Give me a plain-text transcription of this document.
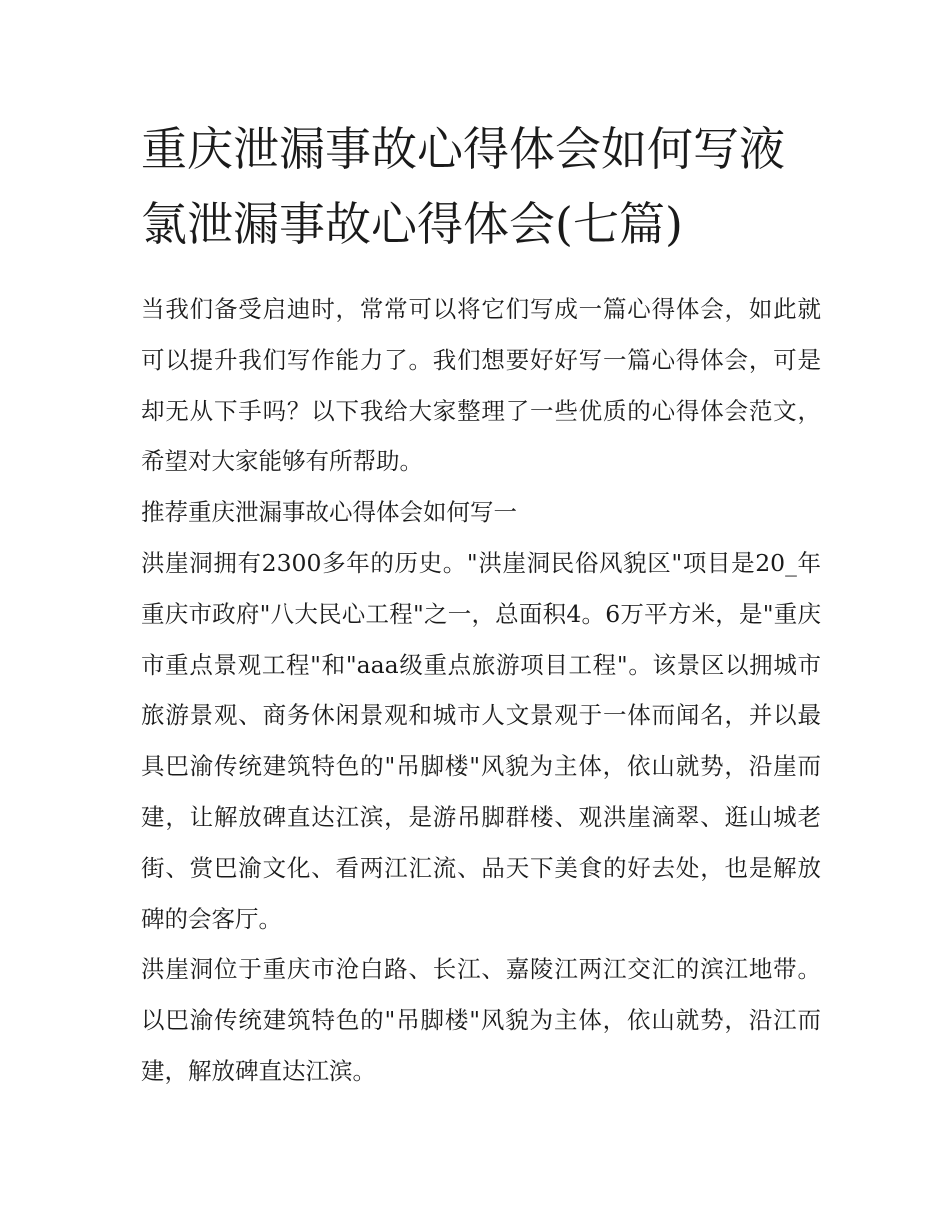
重庆泄漏事故心得体会如何写液氯泄漏事故心得体会(七篇)

当我们备受启迪时，常常可以将它们写成一篇心得体会，如此就可以提升我们写作能力了。我们想要好好写一篇心得体会，可是却无从下手吗？以下我给大家整理了一些优质的心得体会范文，希望对大家能够有所帮助。

推荐重庆泄漏事故心得体会如何写一

洪崖洞拥有2300多年的历史。"洪崖洞民俗风貌区"项目是20_年重庆市政府"八大民心工程"之一，总面积4。6万平方米，是"重庆市重点景观工程"和"aaa级重点旅游项目工程"。该景区以拥城市旅游景观、商务休闲景观和城市人文景观于一体而闻名，并以最具巴渝传统建筑特色的"吊脚楼"风貌为主体，依山就势，沿崖而建，让解放碑直达江滨，是游吊脚群楼、观洪崖滴翠、逛山城老街、赏巴渝文化、看两江汇流、品天下美食的好去处，也是解放碑的会客厅。

洪崖洞位于重庆市沧白路、长江、嘉陵江两江交汇的滨江地带。以巴渝传统建筑特色的"吊脚楼"风貌为主体，依山就势，沿江而建，解放碑直达江滨。
